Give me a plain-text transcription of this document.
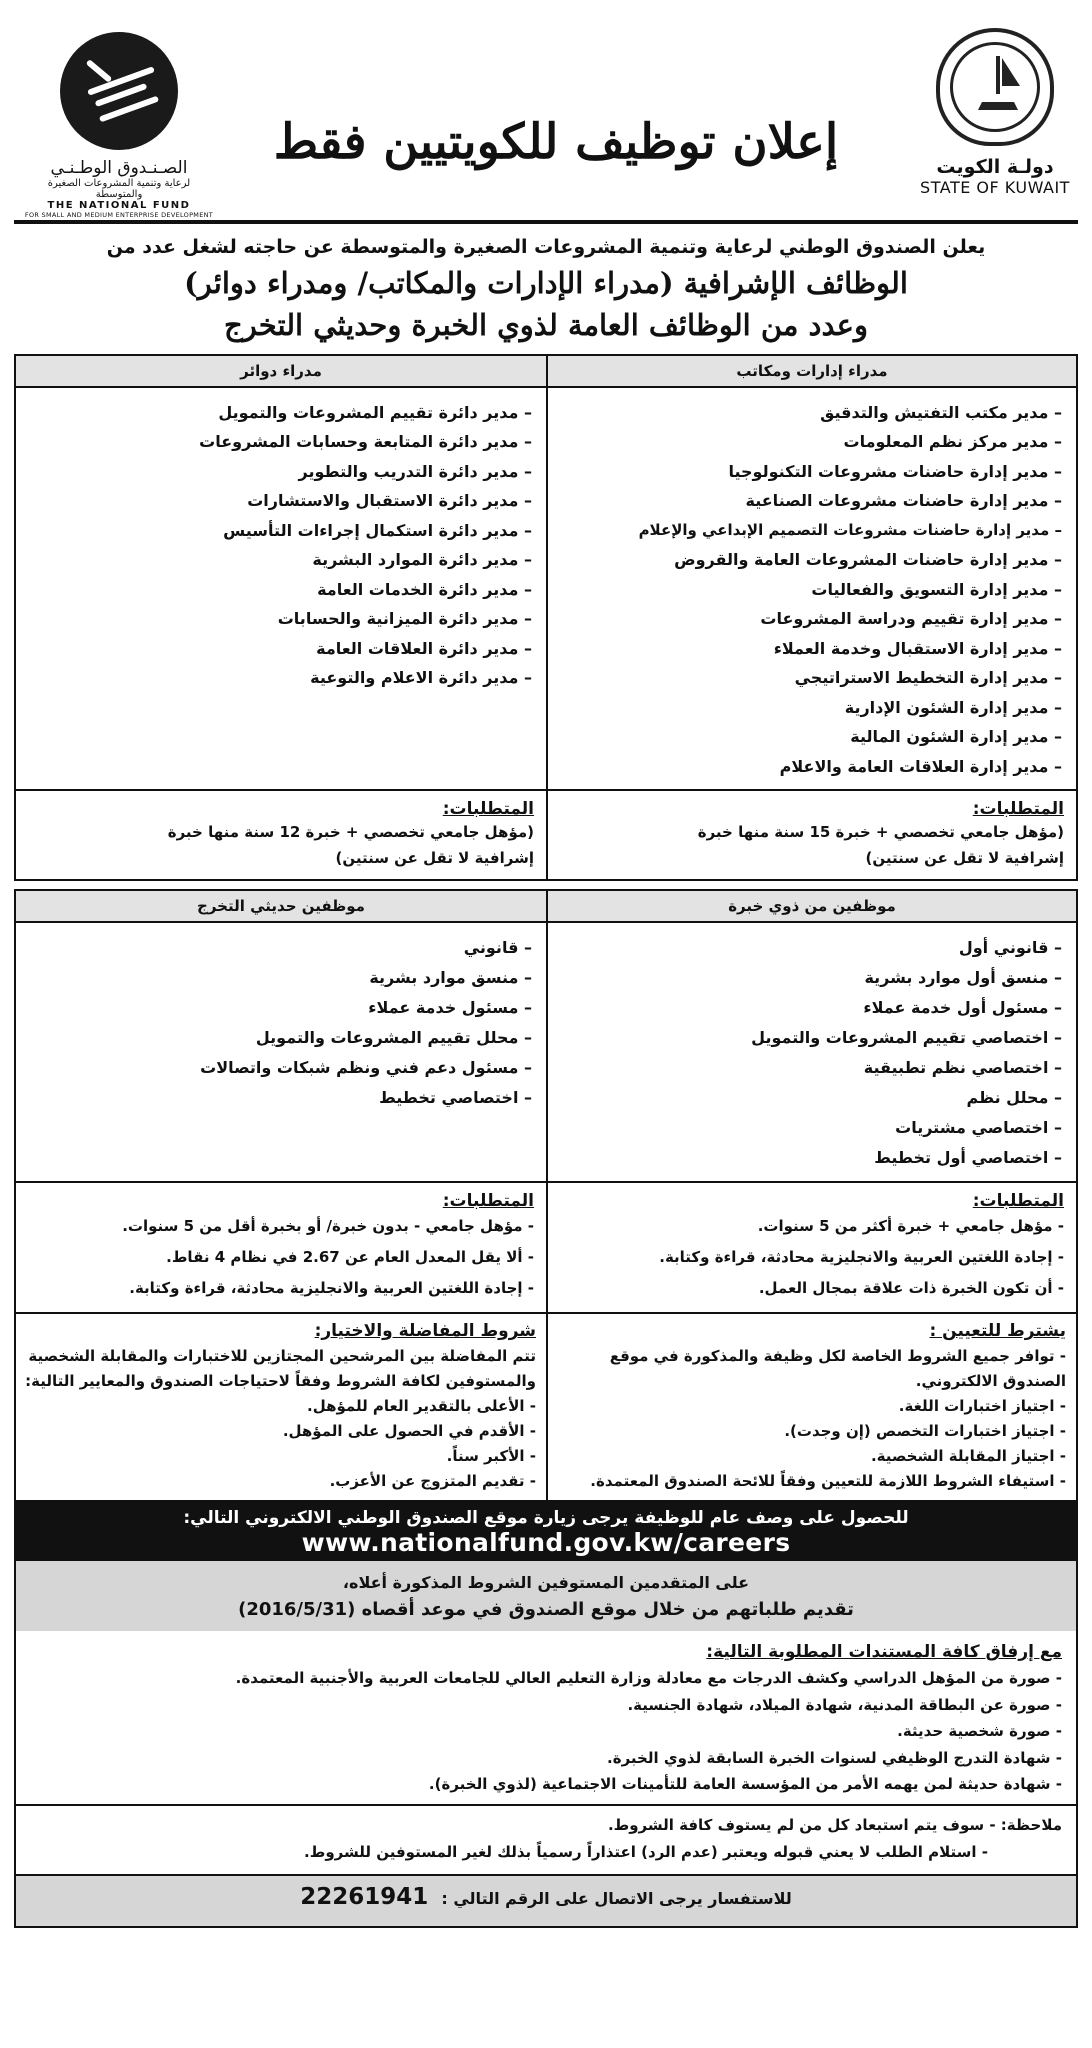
دولـة الكويت
STATE OF KUWAIT
إعلان توظيف للكويتيين فقط
الصـنـدوق الوطـنـي
لرعاية وتنمية المشروعات الصغيرة والمتوسطة
THE NATIONAL FUND
FOR SMALL AND MEDIUM ENTERPRISE DEVELOPMENT
يعلن الصندوق الوطني لرعاية وتنمية المشروعات الصغيرة والمتوسطة عن حاجته لشغل عدد من
الوظائف الإشرافية (مدراء الإدارات والمكاتب/ ومدراء دوائر)
وعدد من الوظائف العامة لذوي الخبرة وحديثي التخرج
مدراء إدارات ومكاتب
– مدير مكتب التفتيش والتدقيق
– مدير مركز نظم المعلومات
– مدير إدارة حاضنات مشروعات التكنولوجيا
– مدير إدارة حاضنات مشروعات الصناعية
– مدير إدارة حاضنات مشروعات التصميم الإبداعي والإعلام
– مدير إدارة حاضنات المشروعات العامة والقروض
– مدير إدارة التسويق والفعاليات
– مدير إدارة تقييم ودراسة المشروعات
– مدير إدارة الاستقبال وخدمة العملاء
– مدير إدارة التخطيط الاستراتيجي
– مدير إدارة الشئون الإدارية
– مدير إدارة الشئون المالية
– مدير إدارة العلاقات العامة والاعلام
مدراء دوائر
– مدير دائرة تقييم المشروعات والتمويل
– مدير دائرة المتابعة وحسابات المشروعات
– مدير دائرة التدريب والتطوير
– مدير دائرة الاستقبال والاستشارات
– مدير دائرة استكمال إجراءات التأسيس
– مدير دائرة الموارد البشرية
– مدير دائرة الخدمات العامة
– مدير دائرة الميزانية والحسابات
– مدير دائرة العلاقات العامة
– مدير دائرة الاعلام والتوعية
المتطلبات:

(مؤهل جامعي تخصصي + خبرة 15 سنة منها خبرة

إشرافية لا تقل عن سنتين)

المتطلبات:

(مؤهل جامعي تخصصي + خبرة 12 سنة منها خبرة

إشرافية لا تقل عن سنتين)

موظفين من ذوي خبرة
– قانوني أول
– منسق أول موارد بشرية
– مسئول أول خدمة عملاء
– اختصاصي تقييم المشروعات والتمويل
– اختصاصي نظم تطبيقية
– محلل نظم
– اختصاصي مشتريات
– اختصاصي أول تخطيط
موظفين حديثي التخرج
– قانوني
– منسق موارد بشرية
– مسئول خدمة عملاء
– محلل تقييم المشروعات والتمويل
– مسئول دعم فني ونظم شبكات واتصالات
– اختصاصي تخطيط
المتطلبات:
- مؤهل جامعي + خبرة أكثر من 5 سنوات.
- إجادة اللغتين العربية والانجليزية محادثة، قراءة وكتابة.
- أن تكون الخبرة ذات علاقة بمجال العمل.
المتطلبات:
- مؤهل جامعي - بدون خبرة/ أو بخبرة أقل من 5 سنوات.
- ألا يقل المعدل العام عن 2.67 في نظام 4 نقاط.
- إجادة اللغتين العربية والانجليزية محادثة، قراءة وكتابة.
يشترط للتعيين :
- توافر جميع الشروط الخاصة لكل وظيفة والمذكورة في موقع الصندوق الالكتروني.
- اجتياز اختبارات اللغة.
- اجتياز اختبارات التخصص (إن وجدت).
- اجتياز المقابلة الشخصية.
- استيفاء الشروط اللازمة للتعيين وفقاً للائحة الصندوق المعتمدة.
شروط المفاضلة والاختيار:
تتم المفاضلة بين المرشحين المجتازين للاختبارات والمقابلة الشخصية والمستوفين لكافة الشروط وفقاً لاحتياجات الصندوق والمعايير التالية:
- الأعلى بالتقدير العام للمؤهل.
- الأقدم في الحصول على المؤهل.
- الأكبر سناً.
- تقديم المتزوج عن الأعزب.
للحصول على وصف عام للوظيفة يرجى زيارة موقع الصندوق الوطني الالكتروني التالي:
www.nationalfund.gov.kw/careers
على المتقدمين المستوفين الشروط المذكورة أعلاه،
تقديم طلباتهم من خلال موقع الصندوق في موعد أقصاه (2016/5/31)
مع إرفاق كافة المستندات المطلوبة التالية:
- صورة من المؤهل الدراسي وكشف الدرجات مع معادلة وزارة التعليم العالي للجامعات العربية والأجنبية المعتمدة.
- صورة عن البطاقة المدنية، شهادة الميلاد، شهادة الجنسية.
- صورة شخصية حديثة.
- شهادة التدرج الوظيفي لسنوات الخبرة السابقة لذوي الخبرة.
- شهادة حديثة لمن يهمه الأمر من المؤسسة العامة للتأمينات الاجتماعية (لذوي الخبرة).
ملاحظة: - سوف يتم استبعاد كل من لم يستوف كافة الشروط.
- استلام الطلب لا يعني قبوله ويعتبر (عدم الرد) اعتذاراً رسمياً بذلك لغير المستوفين للشروط.
للاستفسار يرجى الاتصال على الرقم التالي : 22261941
